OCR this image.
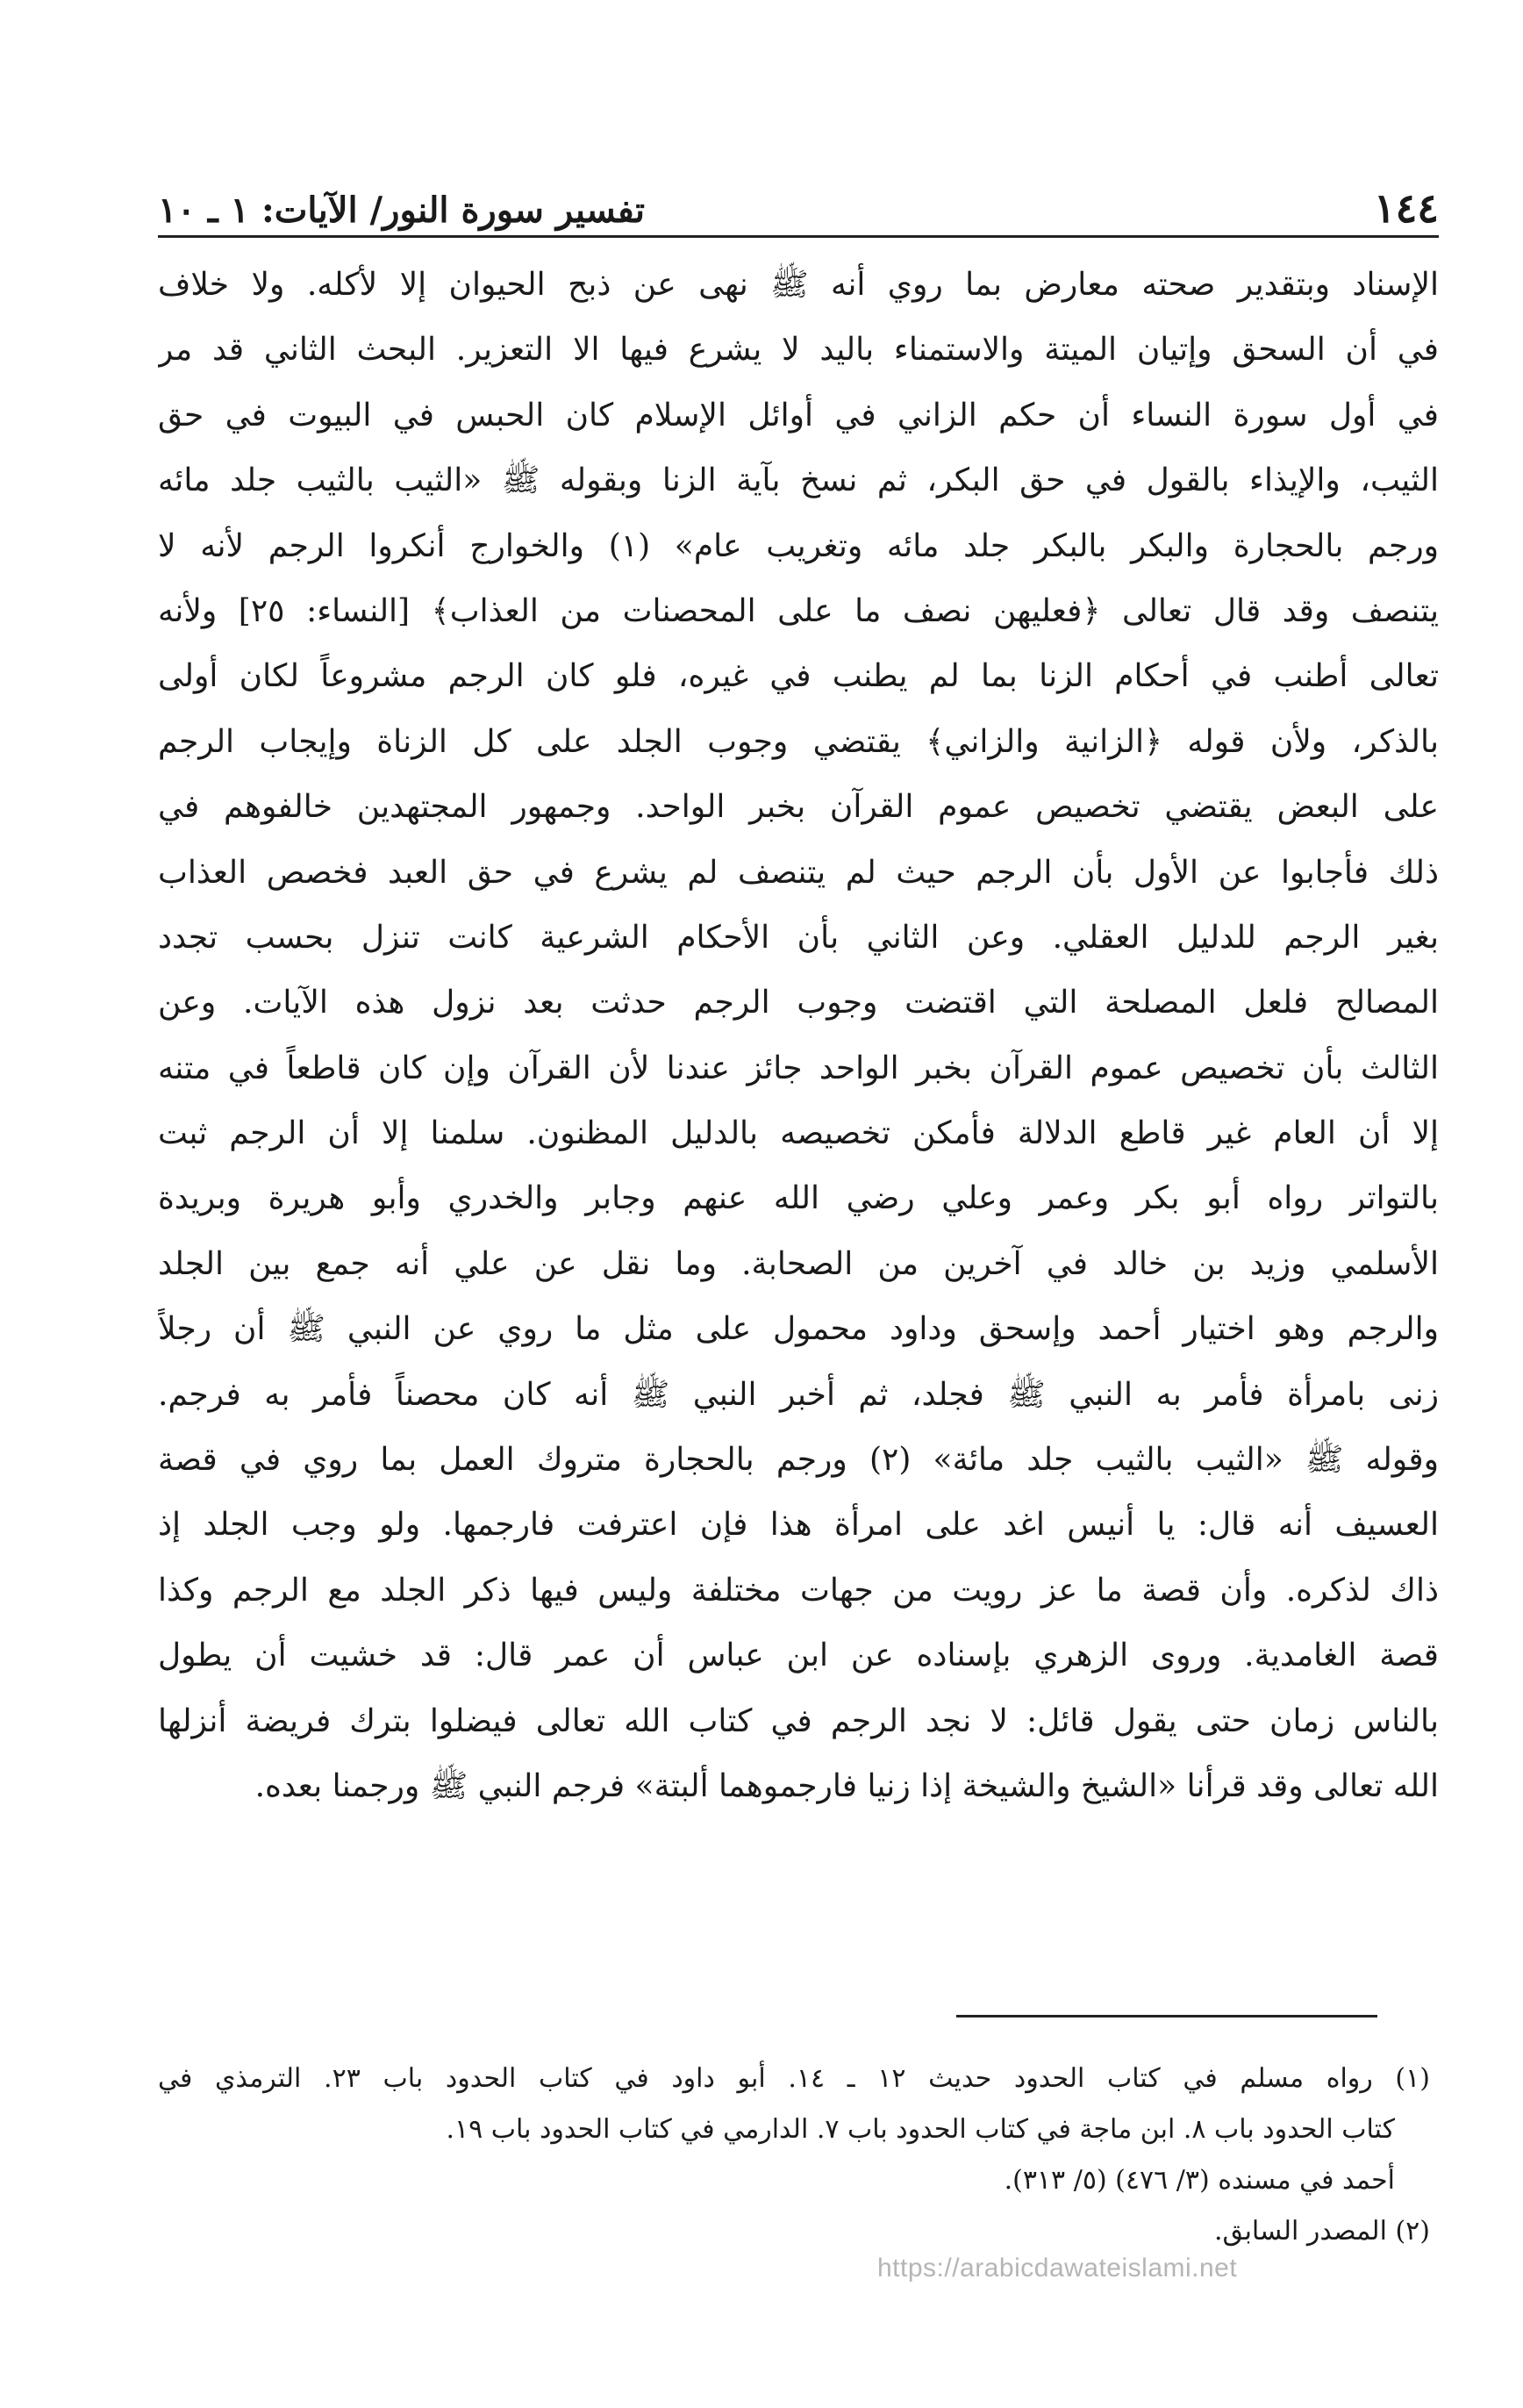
١٤٤
تفسير سورة النور/ الآيات: ١ ـ ١٠
الإسناد وبتقدير صحته معارض بما روي أنه ﷺ نهى عن ذبح الحيوان إلا لأكله. ولا خلاف
في أن السحق وإتيان الميتة والاستمناء باليد لا يشرع فيها الا التعزير. البحث الثاني قد مر
في أول سورة النساء أن حكم الزاني في أوائل الإسلام كان الحبس في البيوت في حق
الثيب، والإيذاء بالقول في حق البكر، ثم نسخ بآية الزنا وبقوله ﷺ «الثيب بالثيب جلد مائه
ورجم بالحجارة والبكر بالبكر جلد مائه وتغريب عام» (١) والخوارج أنكروا الرجم لأنه لا
يتنصف وقد قال تعالى ﴿فعليهن نصف ما على المحصنات من العذاب﴾ [النساء: ٢٥] ولأنه
تعالى أطنب في أحكام الزنا بما لم يطنب في غيره، فلو كان الرجم مشروعاً لكان أولى
بالذكر، ولأن قوله ﴿الزانية والزاني﴾ يقتضي وجوب الجلد على كل الزناة وإيجاب الرجم
على البعض يقتضي تخصيص عموم القرآن بخبر الواحد. وجمهور المجتهدين خالفوهم في
ذلك فأجابوا عن الأول بأن الرجم حيث لم يتنصف لم يشرع في حق العبد فخصص العذاب
بغير الرجم للدليل العقلي. وعن الثاني بأن الأحكام الشرعية كانت تنزل بحسب تجدد
المصالح فلعل المصلحة التي اقتضت وجوب الرجم حدثت بعد نزول هذه الآيات. وعن
الثالث بأن تخصيص عموم القرآن بخبر الواحد جائز عندنا لأن القرآن وإن كان قاطعاً في متنه
إلا أن العام غير قاطع الدلالة فأمكن تخصيصه بالدليل المظنون. سلمنا إلا أن الرجم ثبت
بالتواتر رواه أبو بكر وعمر وعلي رضي الله عنهم وجابر والخدري وأبو هريرة وبريدة
الأسلمي وزيد بن خالد في آخرين من الصحابة. وما نقل عن علي أنه جمع بين الجلد
والرجم وهو اختيار أحمد وإسحق وداود محمول على مثل ما روي عن النبي ﷺ أن رجلاً
زنى بامرأة فأمر به النبي ﷺ فجلد، ثم أخبر النبي ﷺ أنه كان محصناً فأمر به فرجم.
وقوله ﷺ «الثيب بالثيب جلد مائة» (٢) ورجم بالحجارة متروك العمل بما روي في قصة
العسيف أنه قال: يا أنيس اغد على امرأة هذا فإن اعترفت فارجمها. ولو وجب الجلد إذ
ذاك لذكره. وأن قصة ما عز رويت من جهات مختلفة وليس فيها ذكر الجلد مع الرجم وكذا
قصة الغامدية. وروى الزهري بإسناده عن ابن عباس أن عمر قال: قد خشيت أن يطول
بالناس زمان حتى يقول قائل: لا نجد الرجم في كتاب الله تعالى فيضلوا بترك فريضة أنزلها
الله تعالى وقد قرأنا «الشيخ والشيخة إذا زنيا فارجموهما ألبتة» فرجم النبي ﷺ ورجمنا بعده.
(١) رواه مسلم في كتاب الحدود حديث ١٢ ـ ١٤. أبو داود في كتاب الحدود باب ٢٣. الترمذي في
كتاب الحدود باب ٨. ابن ماجة في كتاب الحدود باب ٧. الدارمي في كتاب الحدود باب ١٩.
أحمد في مسنده (٣/ ٤٧٦) (٥/ ٣١٣).
(٢) المصدر السابق.
https://arabicdawateislami.net
